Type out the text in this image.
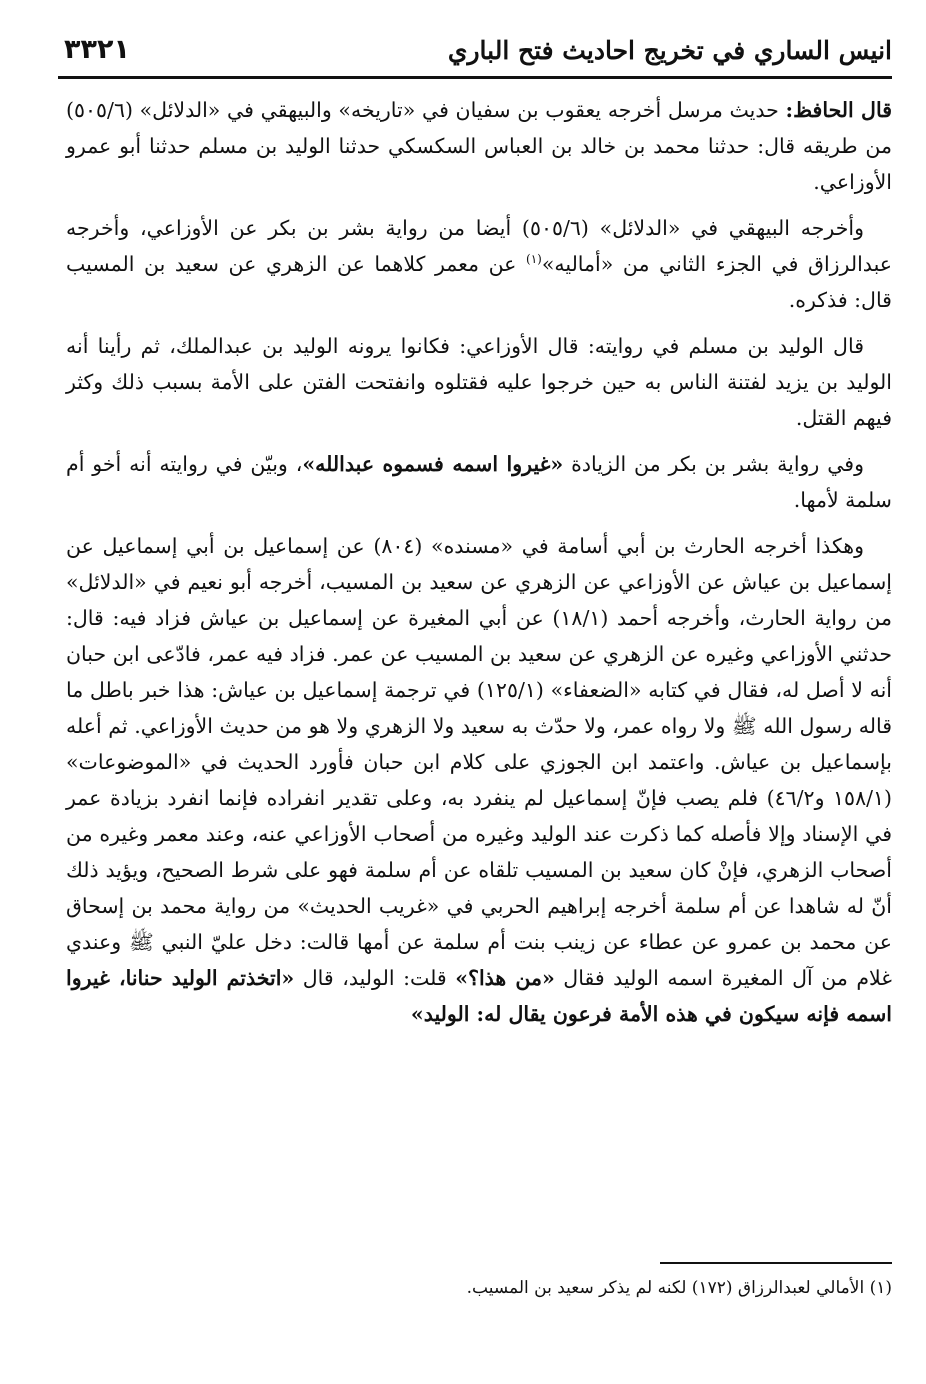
انيس الساري في تخريج احاديث فتح الباري
٣٣٢١

قال الحافظ: حديث مرسل أخرجه يعقوب بن سفيان في «تاريخه» والبيهقي في «الدلائل» (٥٠٥/٦) من طريقه قال: حدثنا محمد بن خالد بن العباس السكسكي حدثنا الوليد بن مسلم حدثنا أبو عمرو الأوزاعي.

وأخرجه البيهقي في «الدلائل» (٥٠٥/٦) أيضا من رواية بشر بن بكر عن الأوزاعي، وأخرجه عبدالرزاق في الجزء الثاني من «أماليه»$^{(١)}$ عن معمر كلاهما عن الزهري عن سعيد بن المسيب قال: فذكره.

قال الوليد بن مسلم في روايته: قال الأوزاعي: فكانوا يرونه الوليد بن عبدالملك، ثم رأينا أنه الوليد بن يزيد لفتنة الناس به حين خرجوا عليه فقتلوه وانفتحت الفتن على الأمة بسبب ذلك وكثر فيهم القتل.

وفي رواية بشر بن بكر من الزيادة «غيروا اسمه فسموه عبدالله»، وبيّن في روايته أنه أخو أم سلمة لأمها.

وهكذا أخرجه الحارث بن أبي أسامة في «مسنده» (٨٠٤) عن إسماعيل بن أبي إسماعيل عن إسماعيل بن عياش عن الأوزاعي عن الزهري عن سعيد بن المسيب، أخرجه أبو نعيم في «الدلائل» من رواية الحارث، وأخرجه أحمد (١٨/١) عن أبي المغيرة عن إسماعيل بن عياش فزاد فيه: قال: حدثني الأوزاعي وغيره عن الزهري عن سعيد بن المسيب عن عمر. فزاد فيه عمر، فادّعى ابن حبان أنه لا أصل له، فقال في كتابه «الضعفاء» (١٢٥/١) في ترجمة إسماعيل بن عياش: هذا خبر باطل ما قاله رسول الله ﷺ ولا رواه عمر، ولا حدّث به سعيد ولا الزهري ولا هو من حديث الأوزاعي. ثم أعله بإسماعيل بن عياش. واعتمد ابن الجوزي على كلام ابن حبان فأورد الحديث في «الموضوعات» (١٥٨/١ و٤٦/٢) فلم يصب فإنّ إسماعيل لم ينفرد به، وعلى تقدير انفراده فإنما انفرد بزيادة عمر في الإسناد وإلا فأصله كما ذكرت عند الوليد وغيره من أصحاب الأوزاعي عنه، وعند معمر وغيره من أصحاب الزهري، فإنْ كان سعيد بن المسيب تلقاه عن أم سلمة فهو على شرط الصحيح، ويؤيد ذلك أنّ له شاهدا عن أم سلمة أخرجه إبراهيم الحربي في «غريب الحديث» من رواية محمد بن إسحاق عن محمد بن عمرو عن عطاء عن زينب بنت أم سلمة عن أمها قالت: دخل عليّ النبي ﷺ وعندي غلام من آل المغيرة اسمه الوليد فقال «من هذا؟» قلت: الوليد، قال «اتخذتم الوليد حنانا، غيروا اسمه فإنه سيكون في هذه الأمة فرعون يقال له: الوليد»

(١) الأمالي لعبدالرزاق (١٧٢) لكنه لم يذكر سعيد بن المسيب.
